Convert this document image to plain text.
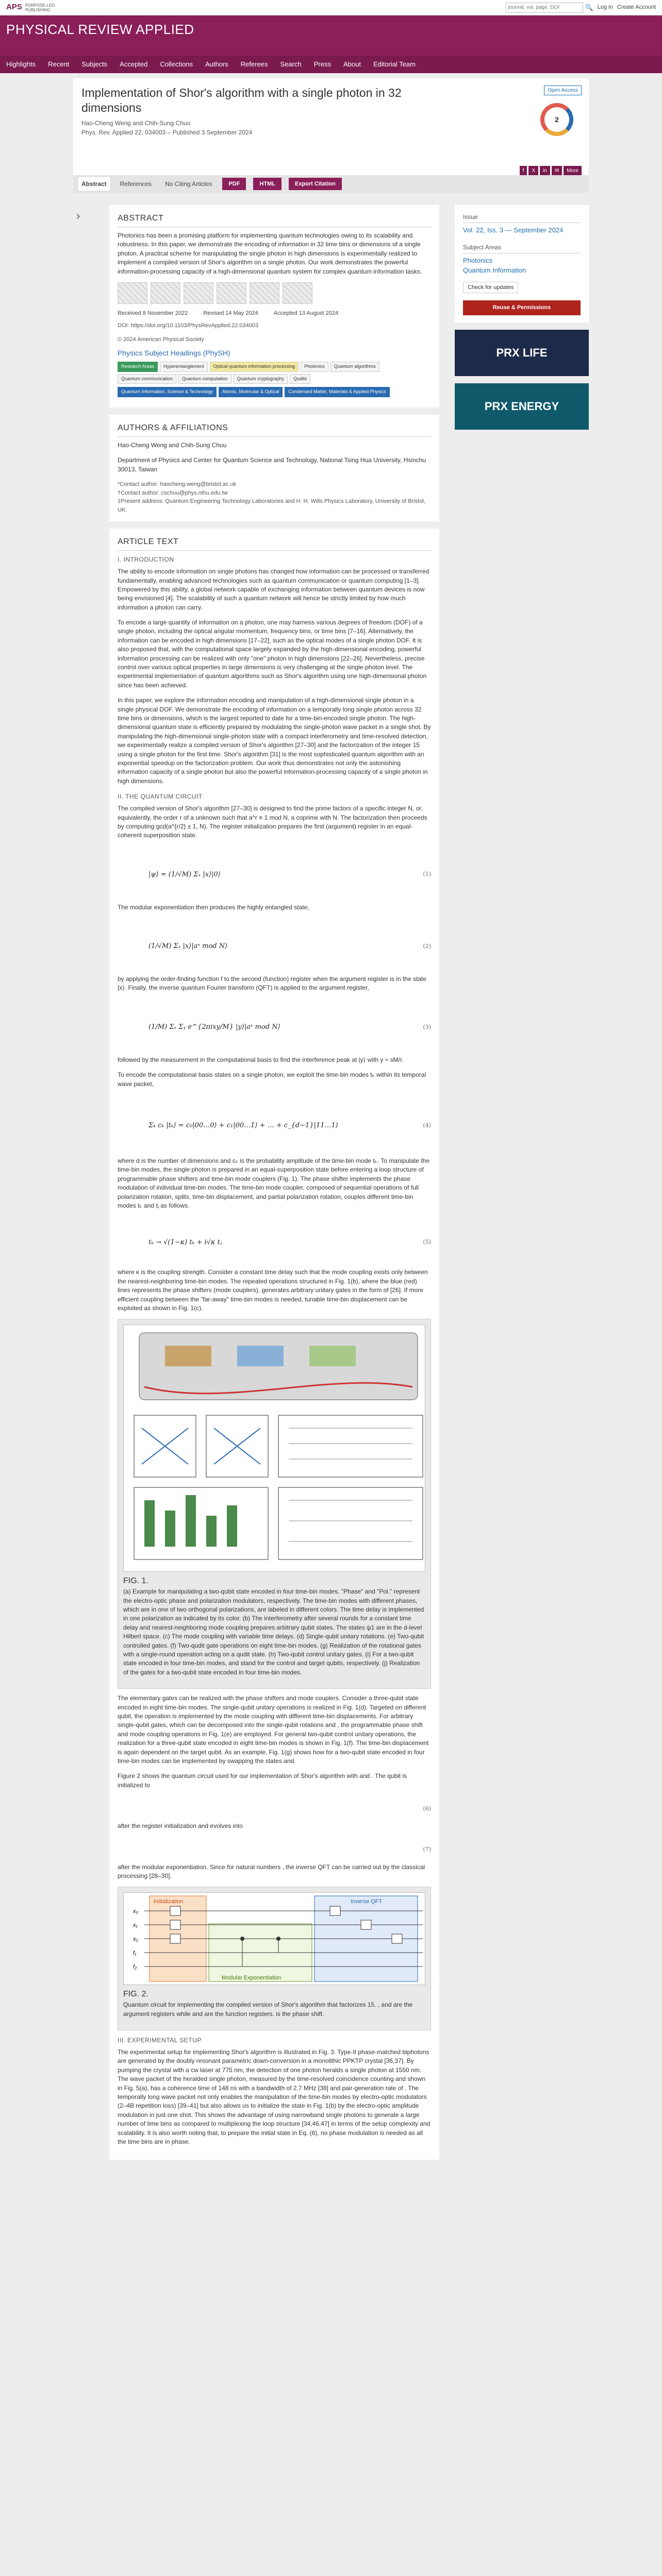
APS PURPOSE-LED PUBLISHING
journal, vol, page, DOI	🔍 Log in Create Account
PHYSICAL REVIEW APPLIED
Highlights Recent Subjects Accepted Collections Authors Referees Search Press About Editorial Team
Implementation of Shor's algorithm with a single photon in 32 dimensions
Hao-Cheng Weng and Chih-Sung Chuu
Phys. Rev. Applied 22, 034003 – Published 3 September 2024
Open Access
2
f	X	in	✉	More
Abstract	References	No Citing Articles	PDF	HTML	Export Citation
›	ABSTRACT

Photonics has been a promising platform for implementing quantum technologies owing to its scalability and robustness. In this paper, we demonstrate the encoding of information in 32 time bins or dimensions of a single photon. A practical scheme for manipulating the single photon in high dimensions is experimentally realized to implement a compiled version of Shor's algorithm on a single photon. Our work demonstrates the powerful information-processing capacity of a high-dimensional quantum system for complex quantum information tasks.

Received 8 November 2022	Revised 14 May 2024	Accepted 13 August 2024
DOI: https://doi.org/10.1103/PhysRevApplied.22.034003
© 2024 American Physical Society
Physics Subject Headings (PhySH)
Research Areas	Hyperentanglement	Optical quantum information processing	Photonics	Quantum algorithms
Quantum communication	Quantum computation	Quantum cryptography	Qudits
Quantum Information, Science & Technology	Atomic, Molecular & Optical	Condensed Matter, Materials & Applied Physics
AUTHORS & AFFILIATIONS

Hao-Cheng Weng and Chih-Sung Chuu

Department of Physics and Center for Quantum Science and Technology, National Tsing Hua University, Hsinchu 30013, Taiwan

*Contact author: haocheng.weng@bristol.ac.uk

†Contact author: cschuu@phys.nthu.edu.tw

‡Present address: Quantum Engineering Technology Laboratories and H. H. Wills Physics Laboratory, University of Bristol, UK.

ARTICLE TEXT
I. INTRODUCTION

The ability to encode information on single photons has changed how information can be processed or transferred fundamentally, enabling advanced technologies such as quantum communication or quantum computing [1–3]. Empowered by this ability, a global network capable of exchanging information between quantum devices is now being envisioned [4]. The scalability of such a quantum network will hence be strictly limited by how much information a photon can carry.

To encode a large quantity of information on a photon, one may harness various degrees of freedom (DOF) of a single photon, including the optical angular momentum, frequency bins, or time bins [7–16]. Alternatively, the information can be encoded in high dimensions [17–22], such as the optical modes of a single photon DOF. It is also proposed that, with the computational space largely expanded by the high-dimensional encoding, powerful information processing can be realized with only "one" photon in high dimensions [22–26]. Nevertheless, precise control over various optical properties in large dimensions is very challenging at the single-photon level. The experimental implementation of quantum algorithms such as Shor's algorithm using one high-dimensional photon since has been achieved.

In this paper, we explore the information encoding and manipulation of a high-dimensional single photon in a single physical DOF. We demonstrate the encoding of information on a temporally long single photon across 32 time bins or dimensions, which is the largest reported to date for a time-bin-encoded single photon. The high-dimensional quantum state is efficiently prepared by modulating the single-photon wave packet in a single shot. By manipulating the high-dimensional single-photon state with a compact interferometry and time-resolved detection, we experimentally realize a compiled version of Shor's algorithm [27–30] and the factorization of the integer 15 using a single photon for the first time. Shor's algorithm [31] is the most sophisticated quantum algorithm with an exponential speedup on the factorization problem. Our work thus demonstrates not only the astonishing information capacity of a single photon but also the powerful information-processing capacity of a single photon in high dimensions.

II. THE QUANTUM CIRCUIT

The compiled version of Shor's algorithm [27–30] is designed to find the prime factors of a specific integer N, or, equivalently, the order r of a unknown such that a^r ≡ 1 mod N, a coprime with N. The factorization then proceeds by computing gcd(a^{r/2} ± 1, N). The register initialization prepares the first (argument) register in an equal-coherent superposition state.

|ψ⟩ = (1/√M) Σₓ |x⟩|0⟩	(1)

The modular exponentiation then produces the highly entangled state,

(1/√M) Σₓ |x⟩|aˣ mod N⟩	(2)

by applying the order-finding function f to the second (function) register when the argument register is in the state |x⟩. Finally, the inverse quantum Fourier transform (QFT) is applied to the argument register,

(1/M) Σₓ Σᵧ e^{2πixy/M} |y⟩|aˣ mod N⟩	(3)

followed by the measurement in the computational basis to find the interference peak at |y⟩ with y ≈ sM/r.

To encode the computational basis states on a single photon, we exploit the time-bin modes tₖ within its temporal wave packet,

Σₖ cₖ |tₖ⟩ = c₀|00…0⟩ + c₁|00…1⟩ + … + c_{d−1}|11…1⟩	(4)

where d is the number of dimensions and cₖ is the probability amplitude of the time-bin mode tₖ. To manipulate the time-bin modes, the single photon is prepared in an equal-superposition state before entering a loop structure of programmable phase shifters and time-bin mode couplers (Fig. 1). The phase shifter implements the phase modulation of individual time-bin modes. The time-bin mode coupler, composed of sequential operations of full polarization rotation, splits, time-bin displacement, and partial polarization rotation, couples different time-bin modes tₖ and tⱼ as follows.

tₖ → √(1−κ) tₖ + i√κ tⱼ	(5)

where κ is the coupling strength. Consider a constant time delay such that the mode coupling exists only between the nearest-neighboring time-bin modes. The repeated operations structured in Fig. 1(b), where the blue (red) lines represents the phase shifters (mode couplers), generates arbitrary unitary gates in the form of [26]. If more efficient coupling between the "far-away" time-bin modes is needed, tunable time-bin displacement can be exploited as shown in Fig. 1(c).

FIG. 1.

(a) Example for manipulating a two-qubit state encoded in four time-bin modes. "Phase" and "Pol." represent the electro-optic phase and polarization modulators, respectively. The time-bin modes with different phases, which are in one of two orthogonal polarizations, are labeled in different colors. The time delay is implemented in one polarization as indicated by its color. (b) The interferometry after several rounds for a constant time delay and nearest-neighboring mode coupling prepares arbitrary qubit states. The states ψ1 are in the d-level Hilbert space. (c) The mode coupling with variable time delays. (d) Single-qubit unitary rotations. (e) Two-qubit controlled gates. (f) Two-qudit gate operations on eight time-bin modes. (g) Realization of the rotational gates with a single-round operation acting on a qudit state. (h) Two-qubit control unitary gates. (i) For a two-qubit state encoded in four time-bin modes, and stand for the control and target qubits, respectively. (j) Realization of the gates for a two-qubit state encoded in four time-bin modes.

The elementary gates can be realized with the phase shifters and mode couplers. Consider a three-qubit state encoded in eight time-bin modes. The single-qubit unitary operations is realized in Fig. 1(d). Targeted on different qubit, the operation is implemented by the mode coupling with different time-bin displacements. For arbitrary single-qubit gates, which can be decomposed into the single-qubit rotations and , the programmable phase shift and mode coupling operations in Fig. 1(e) are employed. For general two-qubit control unitary operations, the realization for a three-qubit state encoded in eight time-bin modes is shown in Fig. 1(f). The time-bin displacement is again dependent on the target qubit. As an example, Fig. 1(g) shows how for a two-qubit state encoded in four time-bin modes can be implemented by swapping the states and.

Figure 2 shows the quantum circuit used for our implementation of Shor's algorithm with and . The qubit is initialized to

(6)

after the register initialization and evolves into

(7)

after the modular exponentiation. Since for natural numbers , the inverse QFT can be carried out by the classical processing [28–30].

Initialization	Inverse QFT
Modular Exponentiation
x₀
x₁
x₂
f₁
f₂
FIG. 2.

Quantum circuit for implementing the compiled version of Shor's algorithm that factorizes 15. , and are the argument registers while and are the function registers. is the phase shift.

III. EXPERIMENTAL SETUP

The experimental setup for implementing Shor's algorithm is illustrated in Fig. 3. Type-II phase-matched biphotons are generated by the doubly resonant parametric down-conversion in a monolithic PPKTP crystal [36,37]. By pumping the crystal with a cw laser at 775 nm, the detection of one photon heralds a single photon at 1550 nm. The wave packet of the heralded single photon, measured by the time-resolved coincidence counting and shown in Fig. 5(a), has a coherence time of 148 ns with a bandwidth of 2.7 MHz [38] and pair-generation rate of . The temporally long wave packet not only enables the manipulation of the time-bin modes by electro-optic modulators (2–4B repetition loss) [39–41] but also allows us to initialize the state in Fig. 1(b) by the electro-optic amplitude modulation in just one shot. This shows the advantage of using narrowband single photons to generate a large number of time bins as compared to multiplexing the loop structure [34,46,47] in terms of the setup complexity and scalability. It is also worth noting that, to prepare the initial state in Eq. (6), no phase modulation is needed as all the time bins are in phase.

Issue
Vol. 22, Iss. 3 — September 2024
Subject Areas
Photonics
Quantum Information
Check for updates
Reuse & Permissions
PRX LIFE
PRX ENERGY
